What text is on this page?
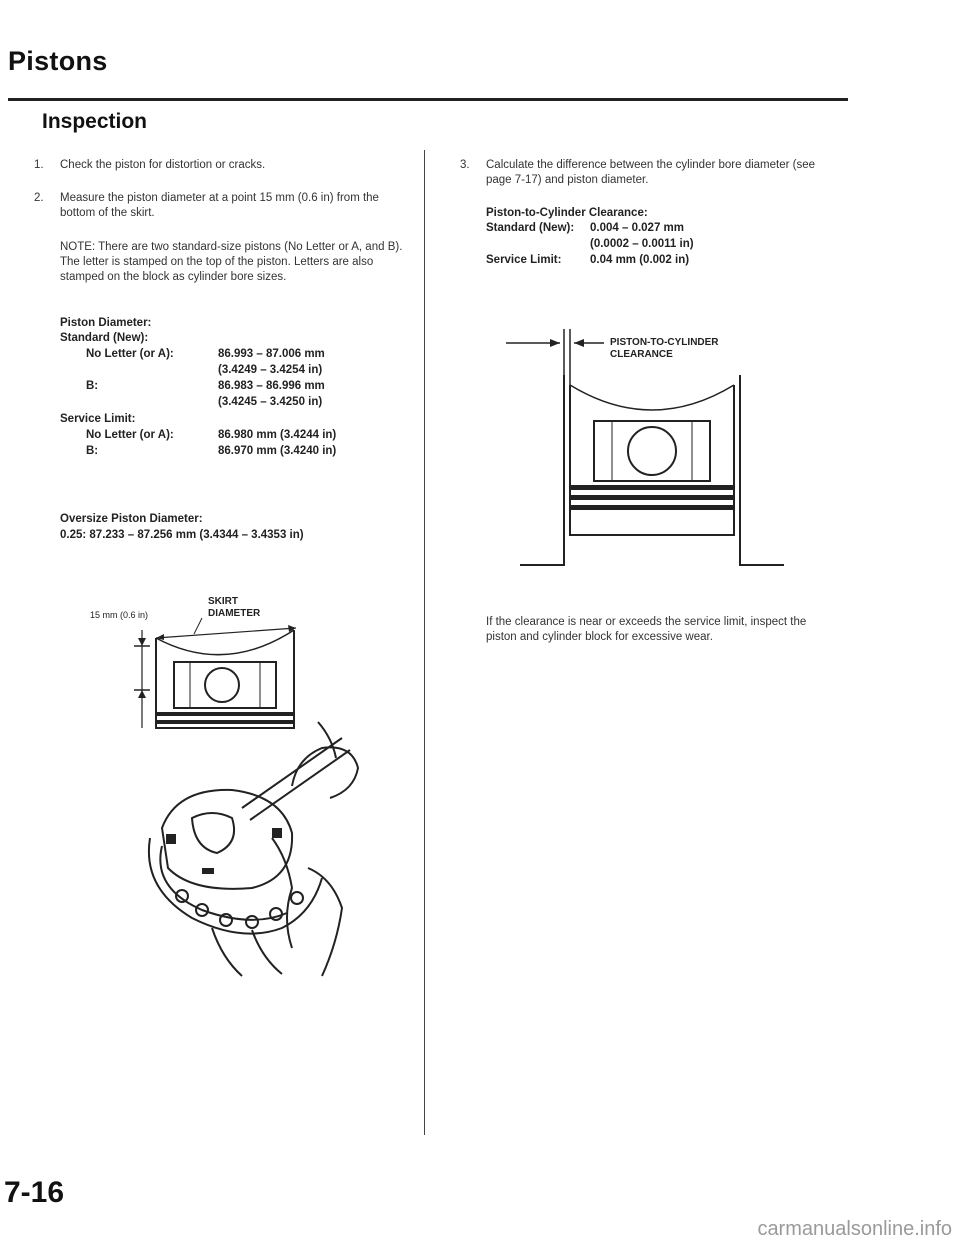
Pistons
Inspection
1. Check the piston for distortion or cracks.
2. Measure the piston diameter at a point 15 mm (0.6 in) from the bottom of the skirt.
NOTE: There are two standard-size pistons (No Letter or A, and B). The letter is stamped on the top of the piston. Letters are also stamped on the block as cylinder bore sizes.
Piston Diameter:
Standard (New):
No Letter (or A):	86.993 – 87.006 mm
(3.4249 – 3.4254 in)
B:	86.983 – 86.996 mm
(3.4245 – 3.4250 in)
Service Limit:
No Letter (or A):	86.980 mm (3.4244 in)
B:	86.970 mm (3.4240 in)
Oversize Piston Diameter:
0.25: 87.233 – 87.256 mm (3.4344 – 3.4353 in)
SKIRT
DIAMETER
15 mm (0.6 in)
3. Calculate the difference between the cylinder bore diameter (see page 7-17) and piston diameter.
Piston-to-Cylinder Clearance:
Standard (New): 0.004 – 0.027 mm
(0.0002 – 0.0011 in)
Service Limit: 0.04 mm (0.002 in)
PISTON-TO-CYLINDER
CLEARANCE
If the clearance is near or exceeds the service limit, inspect the piston and cylinder block for excessive wear.
7-16
carmanualsonline.info
